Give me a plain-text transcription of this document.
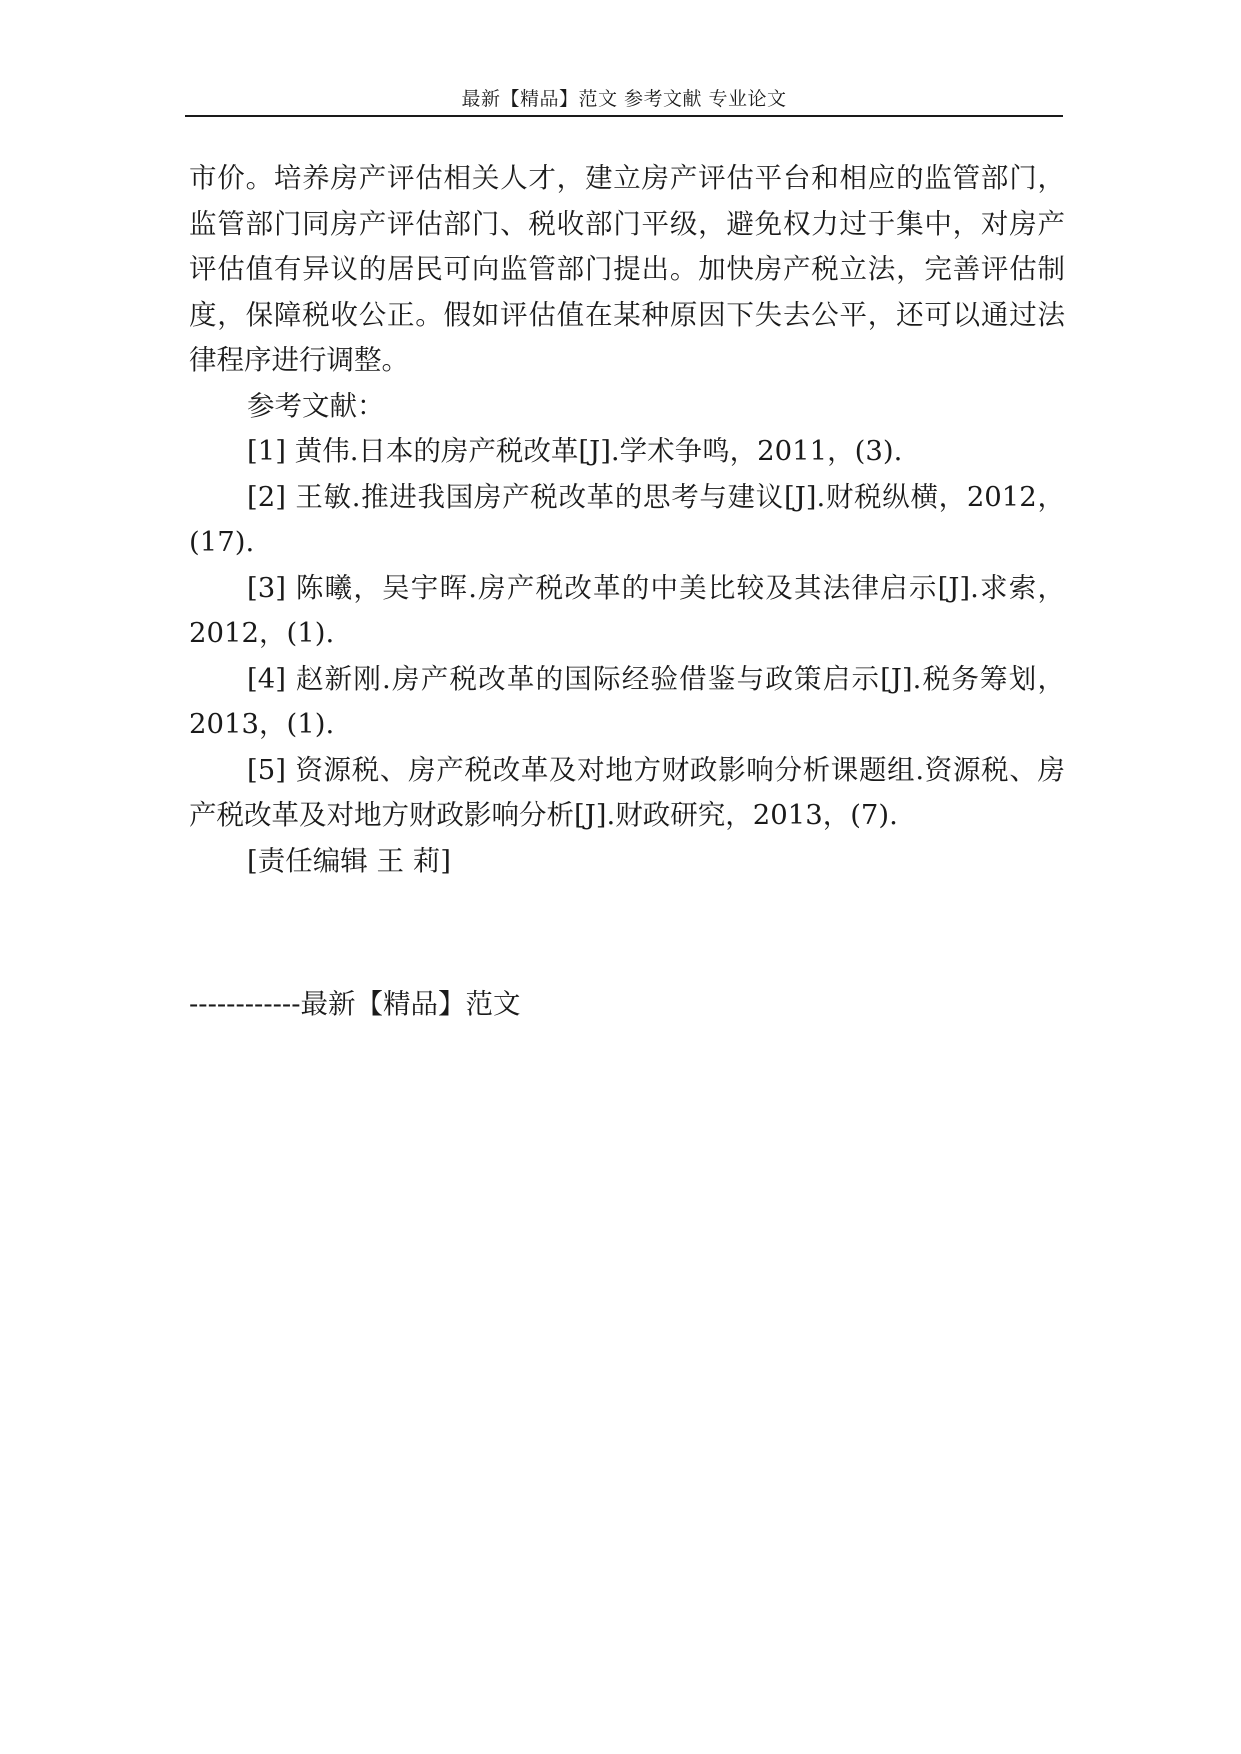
最新【精品】范文 参考文献 专业论文

市价。培养房产评估相关人才，建立房产评估平台和相应的监管部门，监管部门同房产评估部门、税收部门平级，避免权力过于集中，对房产评估值有异议的居民可向监管部门提出。加快房产税立法，完善评估制度，保障税收公正。假如评估值在某种原因下失去公平，还可以通过法律程序进行调整。

参考文献：

[1] 黄伟.日本的房产税改革[J].学术争鸣，2011，(3).

[2] 王敏.推进我国房产税改革的思考与建议[J].财税纵横，2012，(17).

[3] 陈曦，吴宇晖.房产税改革的中美比较及其法律启示[J].求索，2012，(1).

[4] 赵新刚.房产税改革的国际经验借鉴与政策启示[J].税务筹划，2013，(1).

[5] 资源税、房产税改革及对地方财政影响分析课题组.资源税、房产税改革及对地方财政影响分析[J].财政研究，2013，(7).

[责任编辑 王 莉]

------------最新【精品】范文
